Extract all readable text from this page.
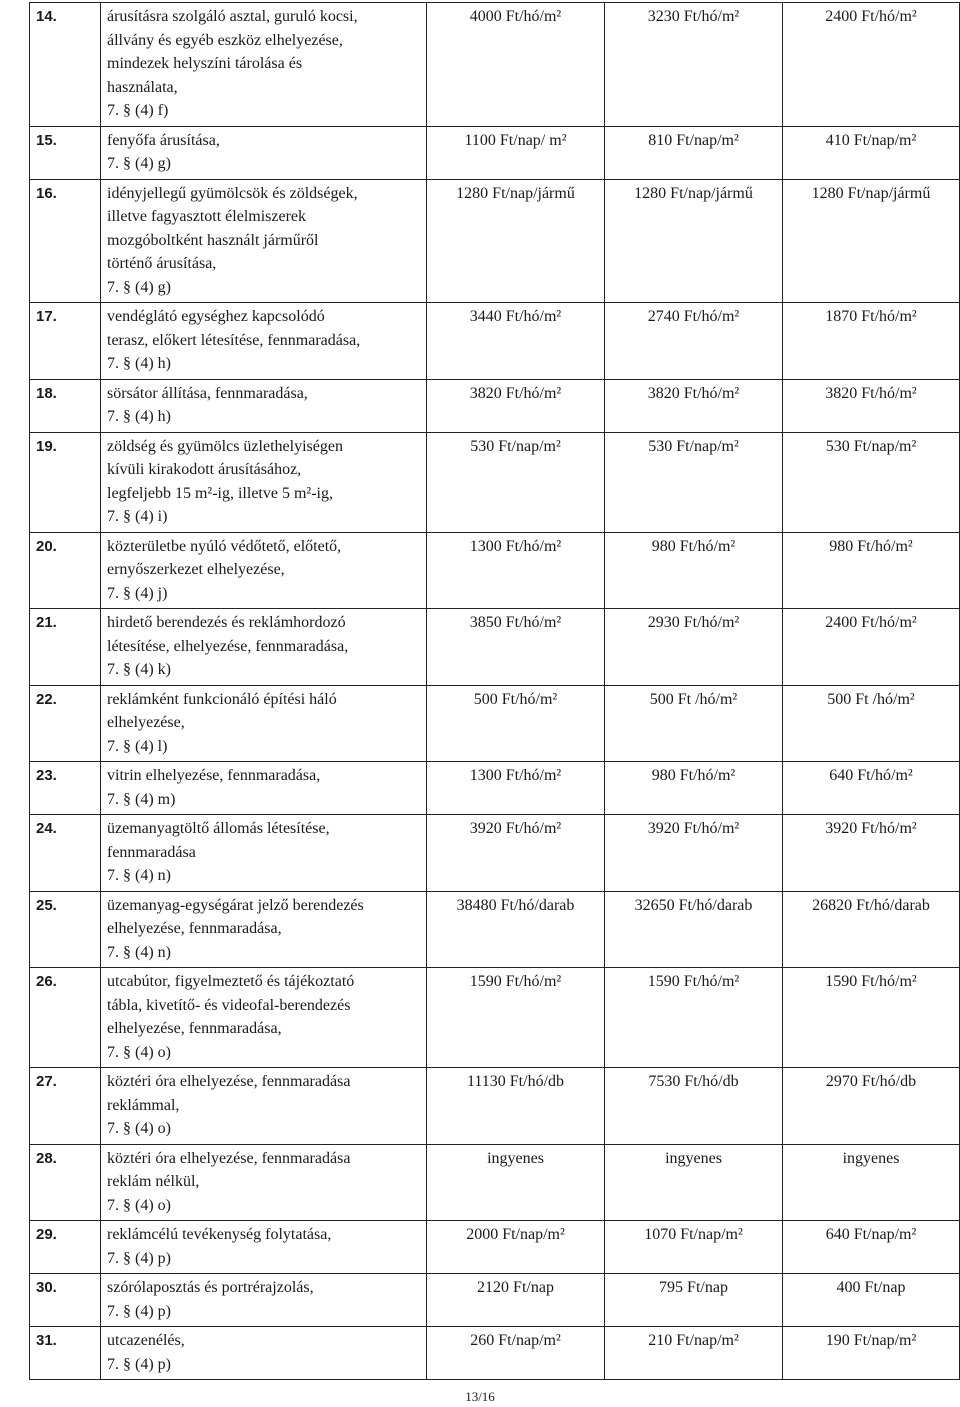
14.	árusításra szolgáló asztal, guruló kocsi,
állvány és egyéb eszköz elhelyezése,
mindezek helyszíni tárolása és
használata,
7. § (4) f)	4000 Ft/hó/m²	3230 Ft/hó/m²	2400 Ft/hó/m²
15.	fenyőfa árusítása,
7. § (4) g)	1100 Ft/nap/ m²	810 Ft/nap/m²	410 Ft/nap/m²
16.	idényjellegű gyümölcsök és zöldségek,
illetve fagyasztott élelmiszerek
mozgóboltként használt járműről
történő árusítása,
7. § (4) g)	1280 Ft/nap/jármű	1280 Ft/nap/jármű	1280 Ft/nap/jármű
17.	vendéglátó egységhez kapcsolódó
terasz, előkert létesítése, fennmaradása,
7. § (4) h)	3440 Ft/hó/m²	2740 Ft/hó/m²	1870 Ft/hó/m²
18.	sörsátor állítása, fennmaradása,
7. § (4) h)	3820 Ft/hó/m²	3820 Ft/hó/m²	3820 Ft/hó/m²
19.	zöldség és gyümölcs üzlethelyiségen
kívüli kirakodott árusításához,
legfeljebb 15 m²-ig, illetve 5 m²-ig,
7. § (4) i)	530 Ft/nap/m²	530 Ft/nap/m²	530 Ft/nap/m²
20.	közterületbe nyúló védőtető, előtető,
ernyőszerkezet elhelyezése,
7. § (4) j)	1300 Ft/hó/m²	980 Ft/hó/m²	980 Ft/hó/m²
21.	hirdető berendezés és reklámhordozó
létesítése, elhelyezése, fennmaradása,
7. § (4) k)	3850 Ft/hó/m²	2930 Ft/hó/m²	2400 Ft/hó/m²
22.	reklámként funkcionáló építési háló
elhelyezése,
7. § (4) l)	500 Ft/hó/m²	500 Ft /hó/m²	500 Ft /hó/m²
23.	vitrin elhelyezése, fennmaradása,
7. § (4) m)	1300 Ft/hó/m²	980 Ft/hó/m²	640 Ft/hó/m²
24.	üzemanyagtöltő állomás létesítése,
fennmaradása
7. § (4) n)	3920 Ft/hó/m²	3920 Ft/hó/m²	3920 Ft/hó/m²
25.	üzemanyag-egységárat jelző berendezés
elhelyezése, fennmaradása,
7. § (4) n)	38480 Ft/hó/darab	32650 Ft/hó/darab	26820 Ft/hó/darab
26.	utcabútor, figyelmeztető és tájékoztató
tábla, kivetítő- és videofal-berendezés
elhelyezése, fennmaradása,
7. § (4) o)	1590 Ft/hó/m²	1590 Ft/hó/m²	1590 Ft/hó/m²
27.	köztéri óra elhelyezése, fennmaradása
reklámmal,
7. § (4) o)	11130 Ft/hó/db	7530 Ft/hó/db	2970 Ft/hó/db
28.	köztéri óra elhelyezése, fennmaradása
reklám nélkül,
7. § (4) o)	ingyenes	ingyenes	ingyenes
29.	reklámcélú tevékenység folytatása,
7. § (4) p)	2000 Ft/nap/m²	1070 Ft/nap/m²	640 Ft/nap/m²
30.	szórólaposztás és portrérajzolás,
7. § (4) p)	2120 Ft/nap	795 Ft/nap	400 Ft/nap
31.	utcazenélés,
7. § (4) p)	260 Ft/nap/m²	210 Ft/nap/m²	190 Ft/nap/m²
13/16
